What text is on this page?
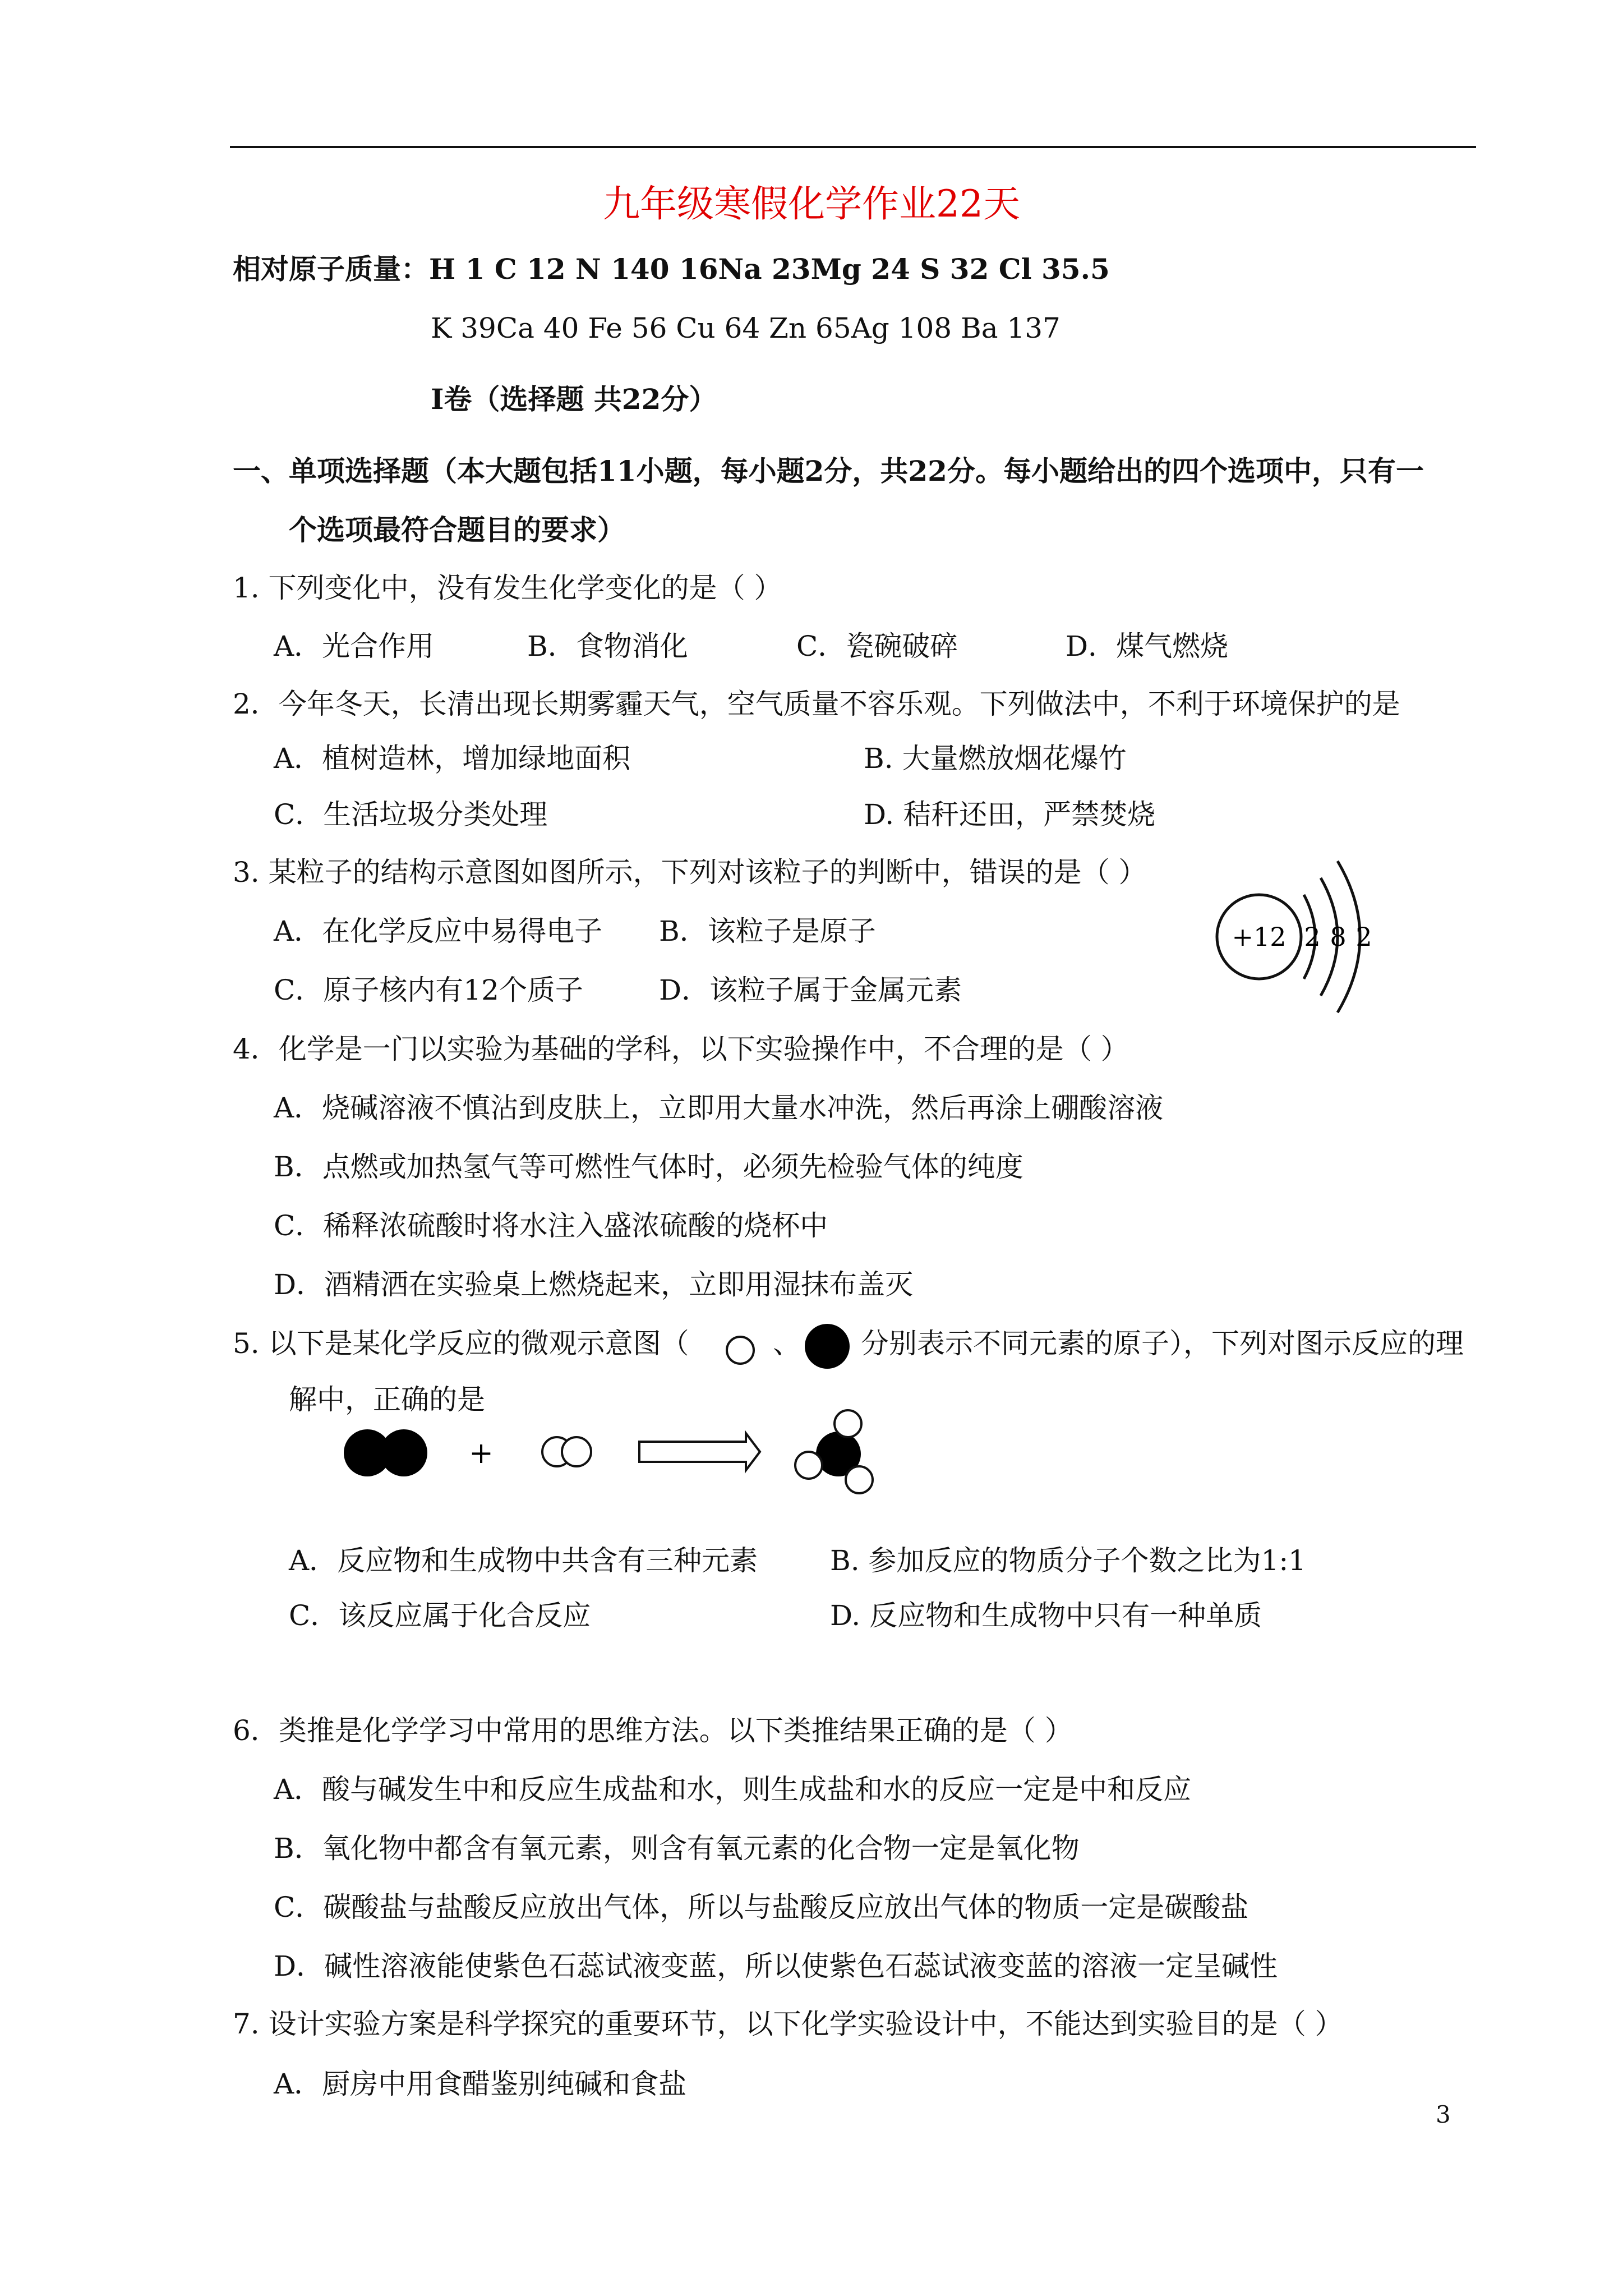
九年级寒假化学作业22天
相对原子质量：H 1 C 12 N 140 16Na 23Mg 24 S 32 Cl 35.5
K 39Ca 40 Fe 56 Cu 64 Zn 65Ag 108 Ba 137
I卷（选择题 共22分）
一、单项选择题（本大题包括11小题，每小题2分，共22分。每小题给出的四个选项中，只有一
个选项最符合题目的要求）
1. 下列变化中，没有发生化学变化的是（ ）
A．光合作用	B．食物消化	C．瓷碗破碎	D．煤气燃烧
2．今年冬天，长清出现长期雾霾天气，空气质量不容乐观。下列做法中，不利于环境保护的是
A．植树造林，增加绿地面积	B. 大量燃放烟花爆竹
C．生活垃圾分类处理	D. 秸秆还田，严禁焚烧
3. 某粒子的结构示意图如图所示，下列对该粒子的判断中，错误的是（ ）
A．在化学反应中易得电子 B．该粒子是原子
C．原子核内有12个质子	D．该粒子属于金属元素
+12 2 8 2
4．化学是一门以实验为基础的学科，以下实验操作中，不合理的是（ ）
A．烧碱溶液不慎沾到皮肤上，立即用大量水冲洗，然后再涂上硼酸溶液
B．点燃或加热氢气等可燃性气体时，必须先检验气体的纯度
C．稀释浓硫酸时将水注入盛浓硫酸的烧杯中
D．酒精洒在实验桌上燃烧起来，立即用湿抹布盖灭
5. 以下是某化学反应的微观示意图（	、 分别表示不同元素的原子），下列对图示反应的理
解中，正确的是
+
A．反应物和生成物中共含有三种元素	B. 参加反应的物质分子个数之比为1:1
C．该反应属于化合反应	D. 反应物和生成物中只有一种单质
6．类推是化学学习中常用的思维方法。以下类推结果正确的是（ ）
A．酸与碱发生中和反应生成盐和水，则生成盐和水的反应一定是中和反应
B．氧化物中都含有氧元素，则含有氧元素的化合物一定是氧化物
C．碳酸盐与盐酸反应放出气体，所以与盐酸反应放出气体的物质一定是碳酸盐
D．碱性溶液能使紫色石蕊试液变蓝，所以使紫色石蕊试液变蓝的溶液一定呈碱性
7. 设计实验方案是科学探究的重要环节，以下化学实验设计中，不能达到实验目的是（ ）
A．厨房中用食醋鉴别纯碱和食盐
3
